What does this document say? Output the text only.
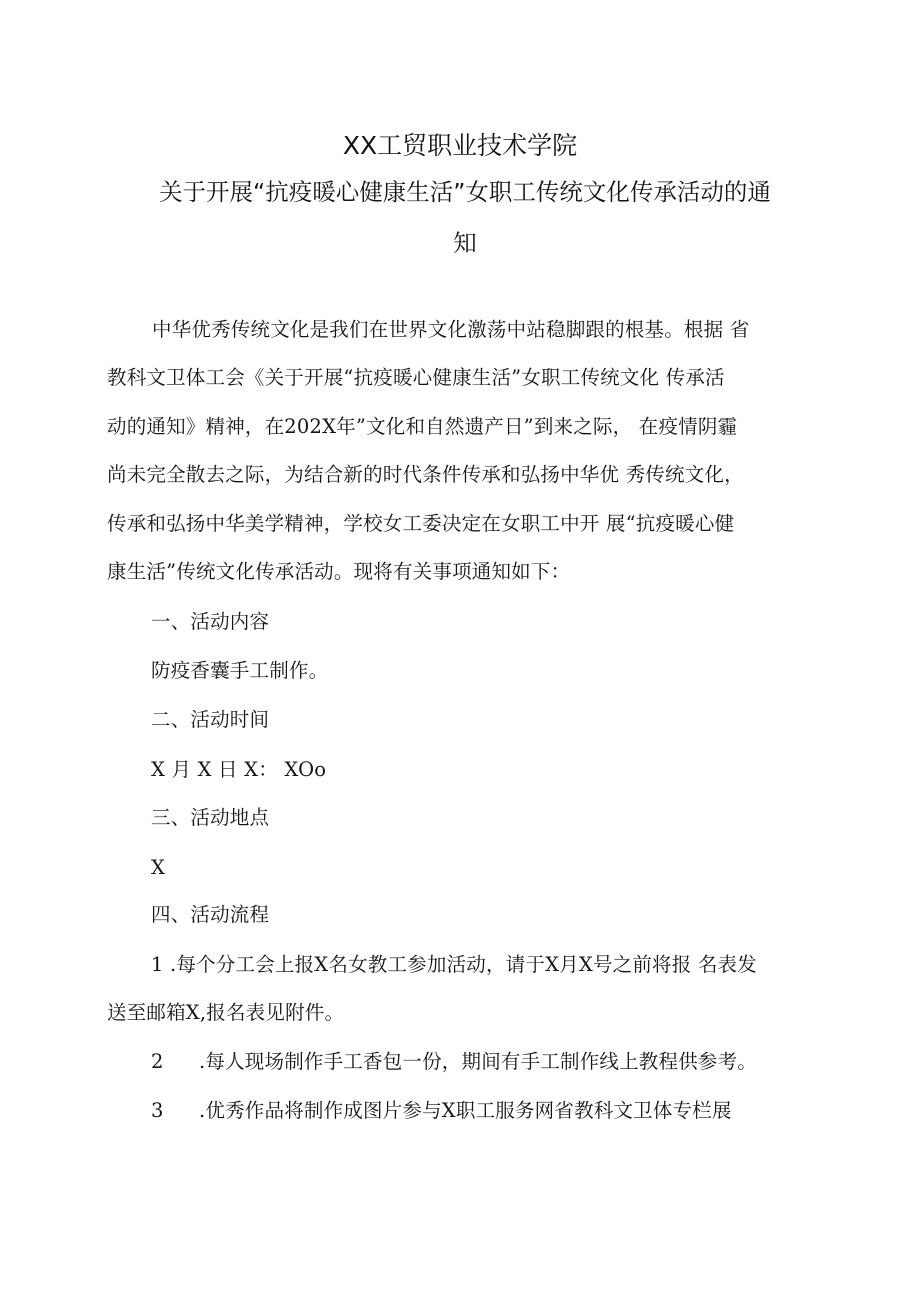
XX工贸职业技术学院
关于开展“抗疫暖心健康生活”女职工传统文化传承活动的通
知
中华优秀传统文化是我们在世界文化激荡中站稳脚跟的根基。根据 省
教科文卫体工会《关于开展“抗疫暖心健康生活”女职工传统文化 传承活
动的通知》精神，在202X年”文化和自然遗产日”到来之际， 在疫情阴霾
尚未完全散去之际，为结合新的时代条件传承和弘扬中华优 秀传统文化，
传承和弘扬中华美学精神，学校女工委决定在女职工中开 展“抗疫暖心健
康生活”传统文化传承活动。现将有关事项通知如下：
一、活动内容
防疫香囊手工制作。
二、活动时间
X 月 X 日 X： XOo
三、活动地点
X
四、活动流程
1 .每个分工会上报X名女教工参加活动，请于X月X号之前将报 名表发
送至邮箱X,报名表见附件。
2 .每人现场制作手工香包一份，期间有手工制作线上教程供参考。
3 .优秀作品将制作成图片参与X职工服务网省教科文卫体专栏展
